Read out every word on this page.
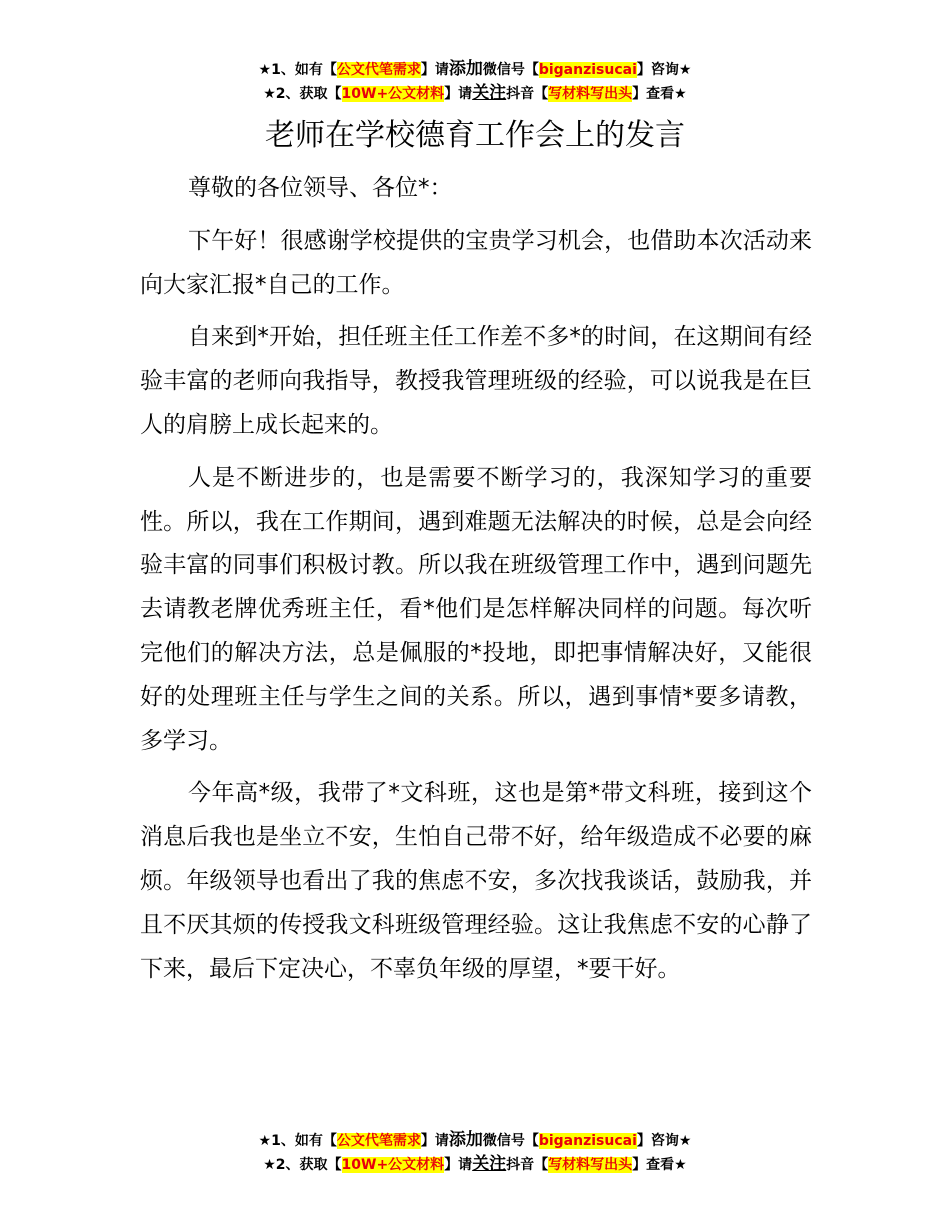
★1、如有【公文代笔需求】请添加微信号【biganzisucai】咨询★
★2、获取【10W+公文材料】请关注抖音【写材料写出头】查看★
老师在学校德育工作会上的发言

尊敬的各位领导、各位*：

下午好！很感谢学校提供的宝贵学习机会，也借助本次活动来向大家汇报*自己的工作。

自来到*开始，担任班主任工作差不多*的时间，在这期间有经验丰富的老师向我指导，教授我管理班级的经验，可以说我是在巨人的肩膀上成长起来的。

人是不断进步的，也是需要不断学习的，我深知学习的重要性。所以，我在工作期间，遇到难题无法解决的时候，总是会向经验丰富的同事们积极讨教。所以我在班级管理工作中，遇到问题先去请教老牌优秀班主任，看*他们是怎样解决同样的问题。每次听完他们的解决方法，总是佩服的*投地，即把事情解决好，又能很好的处理班主任与学生之间的关系。所以，遇到事情*要多请教，多学习。

今年高*级，我带了*文科班，这也是第*带文科班，接到这个消息后我也是坐立不安，生怕自己带不好，给年级造成不必要的麻烦。年级领导也看出了我的焦虑不安，多次找我谈话，鼓励我，并且不厌其烦的传授我文科班级管理经验。这让我焦虑不安的心静了下来，最后下定决心，不辜负年级的厚望，*要干好。

★1、如有【公文代笔需求】请添加微信号【biganzisucai】咨询★
★2、获取【10W+公文材料】请关注抖音【写材料写出头】查看★
